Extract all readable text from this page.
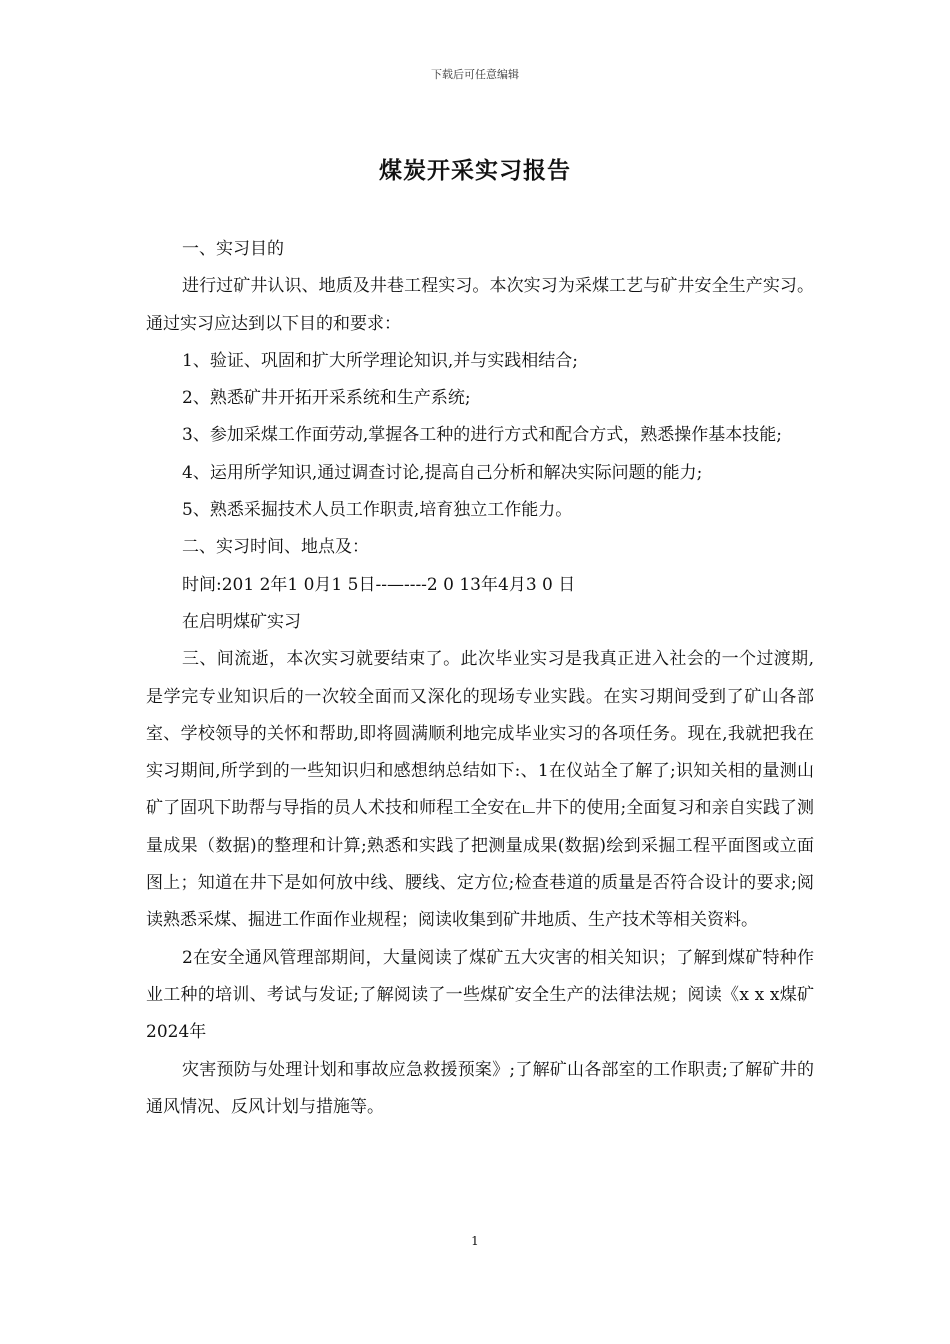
下载后可任意编辑
煤炭开采实习报告

一、实习目的

进行过矿井认识、地质及井巷工程实习。本次实习为采煤工艺与矿井安全生产实习。通过实习应达到以下目的和要求：

1、验证、巩固和扩大所学理论知识,并与实践相结合;

2、熟悉矿井开拓开采系统和生产系统;

3、参加采煤工作面劳动,掌握各工种的进行方式和配合方式，熟悉操作基本技能;

4、运用所学知识,通过调查讨论,提高自己分析和解决实际问题的能力;

5、熟悉采掘技术人员工作职责,培育独立工作能力。

二、实习时间、地点及：

时间:201 2年1 0月1 5日--—----2 0 13年4月3 0 日

在启明煤矿实习

三、间流逝，本次实习就要结束了。此次毕业实习是我真正进入社会的一个过渡期,是学完专业知识后的一次较全面而又深化的现场专业实践。在实习期间受到了矿山各部室、学校领导的关怀和帮助,即将圆满顺利地完成毕业实习的各项任务。现在,我就把我在实习期间,所学到的一些知识归和感想纳总结如下:、1在仪站全了解了;识知关相的量测山矿了固巩下助帮与导指的员人术技和师程工全安在ட井下的使用;全面复习和亲自实践了测量成果（数据)的整理和计算;熟悉和实践了把测量成果(数据)绘到采掘工程平面图或立面图上；知道在井下是如何放中线、腰线、定方位;检查巷道的质量是否符合设计的要求;阅读熟悉采煤、掘进工作面作业规程；阅读收集到矿井地质、生产技术等相关资料。

2在安全通风管理部期间，大量阅读了煤矿五大灾害的相关知识；了解到煤矿特种作业工种的培训、考试与发证;了解阅读了一些煤矿安全生产的法律法规；阅读《x x x煤矿2024年

灾害预防与处理计划和事故应急救援预案》;了解矿山各部室的工作职责;了解矿井的通风情况、反风计划与措施等。

1
